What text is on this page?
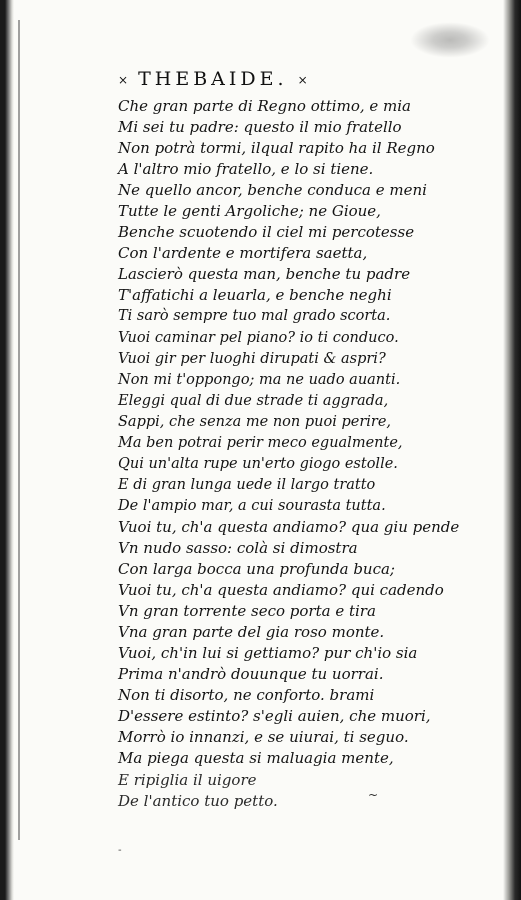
× THEBAIDE. ×
Che gran parte di Regno ottimo, e mia
Mi sei tu padre: questo il mio fratello
Non potrà tormi, ilqual rapito ha il Regno
A l'altro mio fratello, e lo si tiene.
Ne quello ancor, benche conduca e meni
Tutte le genti Argoliche; ne Gioue,
Benche scuotendo il ciel mi percotesse
Con l'ardente e mortifera saetta,
Lascierò questa man, benche tu padre
T'affatichi a leuarla, e benche neghi
Ti sarò sempre tuo mal grado scorta.
Vuoi caminar pel piano? io ti conduco.
Vuoi gir per luoghi dirupati & aspri?
Non mi t'oppongo; ma ne uado auanti.
Eleggi qual di due strade ti aggrada,
Sappi, che senza me non puoi perire,
Ma ben potrai perir meco egualmente,
Qui un'alta rupe un'erto giogo estolle.
E di gran lunga uede il largo tratto
De l'ampio mar, a cui sourasta tutta.
Vuoi tu, ch'a questa andiamo? qua giu pende
Vn nudo sasso: colà si dimostra
Con larga bocca una profunda buca;
Vuoi tu, ch'a questa andiamo? qui cadendo
Vn gran torrente seco porta e tira
Vna gran parte del gia roso monte.
Vuoi, ch'in lui si gettiamo? pur ch'io sia
Prima n'andrò douunque tu uorrai.
Non ti disorto, ne conforto. brami
D'essere estinto? s'egli auien, che muori,
Morrò io innanzi, e se uiurai, ti seguo.
Ma piega questa si maluagia mente,
E ripiglia il uigore
De l'antico tuo petto.	~
-
